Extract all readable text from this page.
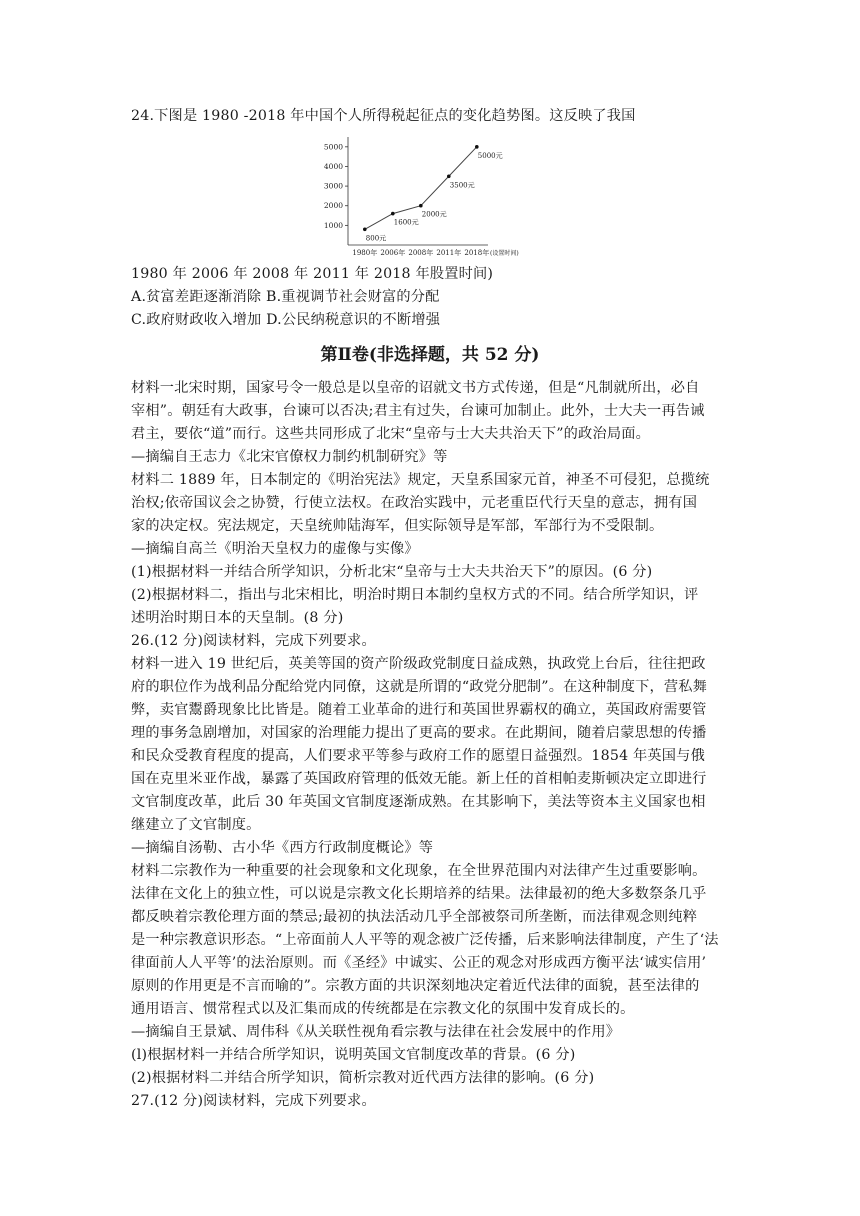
24.下图是 1980 -2018 年中国个人所得税起征点的变化趋势图。这反映了我国
1000
2000
3000
4000
5000
1980年 2006年 2008年 2011年 2018年 (设置时间)
800元
1600元
2000元
3500元
5000元
1980 年 2006 年 2008 年 2011 年 2018 年股置时间)
A.贫富差距逐渐消除 B.重视调节社会财富的分配
C.政府财政收入增加 D.公民纳税意识的不断增强
第Ⅱ卷(非选择题，共 52 分)
材料一北宋时期，国家号令一般总是以皇帝的诏就文书方式传递，但是“凡制就所出，必自
宰相”。朝廷有大政事，台谏可以否决;君主有过失，台谏可加制止。此外，士大夫一再告诫
君主，要依“道”而行。这些共同形成了北宋“皇帝与士大夫共治天下”的政治局面。
—摘编自王志力《北宋官僚权力制约机制研究》等
材料二 1889 年，日本制定的《明治宪法》规定，天皇系国家元首，神圣不可侵犯，总揽统
治权;依帝国议会之协赞，行使立法权。在政治实践中，元老重臣代行天皇的意志，拥有国
家的决定权。宪法规定，天皇统帅陆海军，但实际领导是军部，军部行为不受限制。
—摘编自高兰《明治天皇权力的虚像与实像》
(1)根据材料一并结合所学知识，分析北宋“皇帝与士大夫共治天下”的原因。(6 分)
(2)根据材料二，指出与北宋相比，明治时期日本制约皇权方式的不同。结合所学知识，评
述明治时期日本的天皇制。(8 分)
26.(12 分)阅读材料，完成下列要求。
材料一进入 19 世纪后，英美等国的资产阶级政党制度日益成熟，执政党上台后，往往把政
府的职位作为战利品分配给党内同僚，这就是所谓的“政党分肥制”。在这种制度下，营私舞
弊，卖官鬻爵现象比比皆是。随着工业革命的进行和英国世界霸权的确立，英国政府需要管
理的事务急剧增加，对国家的治理能力提出了更高的要求。在此期间，随着启蒙思想的传播
和民众受教育程度的提高，人们要求平等参与政府工作的愿望日益强烈。1854 年英国与俄
国在克里米亚作战，暴露了英国政府管理的低效无能。新上任的首相帕麦斯顿决定立即进行
文官制度改革，此后 30 年英国文官制度逐渐成熟。在其影响下，美法等资本主义国家也相
继建立了文官制度。
—摘编自汤勒、古小华《西方行政制度概论》等
材料二宗教作为一种重要的社会现象和文化现象，在全世界范围内对法律产生过重要影响。
法律在文化上的独立性，可以说是宗教文化长期培养的结果。法律最初的绝大多数祭条几乎
都反映着宗教伦理方面的禁忌;最初的执法活动几乎全部被祭司所垄断，而法律观念则纯粹
是一种宗教意识形态。“上帝面前人人平等的观念被广泛传播，后来影响法律制度，产生了‘法
律面前人人平等’的法治原则。而《圣经》中诚实、公正的观念对形成西方衡平法‘诚实信用’
原则的作用更是不言而喻的”。宗教方面的共识深刻地决定着近代法律的面貌，甚至法律的
通用语言、惯常程式以及汇集而成的传统都是在宗教文化的氛围中发育成长的。
—摘编自王景斌、周伟科《从关联性视角看宗教与法律在社会发展中的作用》
(l)根据材料一并结合所学知识，说明英国文官制度改革的背景。(6 分)
(2)根据材料二并结合所学知识，简析宗教对近代西方法律的影响。(6 分)
27.(12 分)阅读材料，完成下列要求。
